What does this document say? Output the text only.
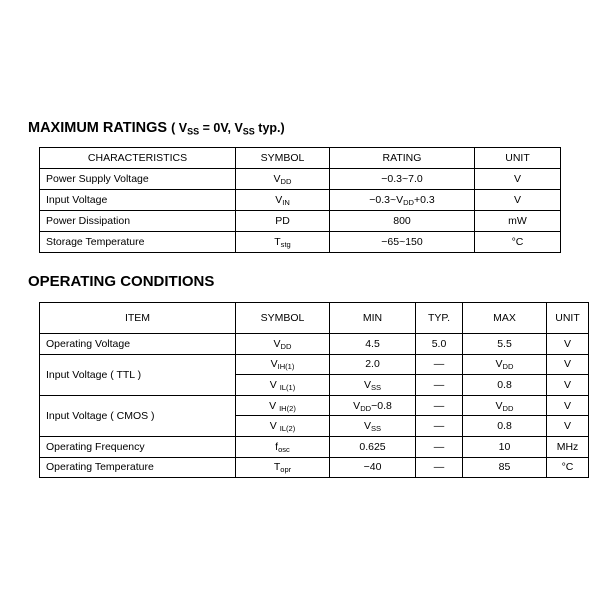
MAXIMUM RATINGS ( $V_{SS} = 0V$, $V_{SS}$ typ.)
CHARACTERISTICS	SYMBOL	RATING	UNIT
Power Supply Voltage	$V_{DD}$	−0.3~7.0	V
Input Voltage	$V_{IN}$	$-0.3\sim V_{DD}+0.3$	V
Power Dissipation	PD	800	mW
Storage Temperature	$T_{stg}$	−65~150	°C
OPERATING CONDITIONS
ITEM	SYMBOL	MIN	TYP.	MAX	UNIT
Operating Voltage	$V_{DD}$	4.5	5.0	5.5	V
Input Voltage ( TTL )	$V_{IH(1)}$	2.0	—	$V_{DD}$	V
	V $_{IL(1)}$	$V_{SS}$	—	0.8	V
Input Voltage ( CMOS )	V $_{IH(2)}$	$V_{DD}-0.8$	—	$V_{DD}$	V
	V $_{IL(2)}$	$V_{SS}$	—	0.8	V
Operating Frequency	$f_{osc}$	0.625	—	10	MHz
Operating Temperature	$T_{opr}$	−40	—	85	°C
